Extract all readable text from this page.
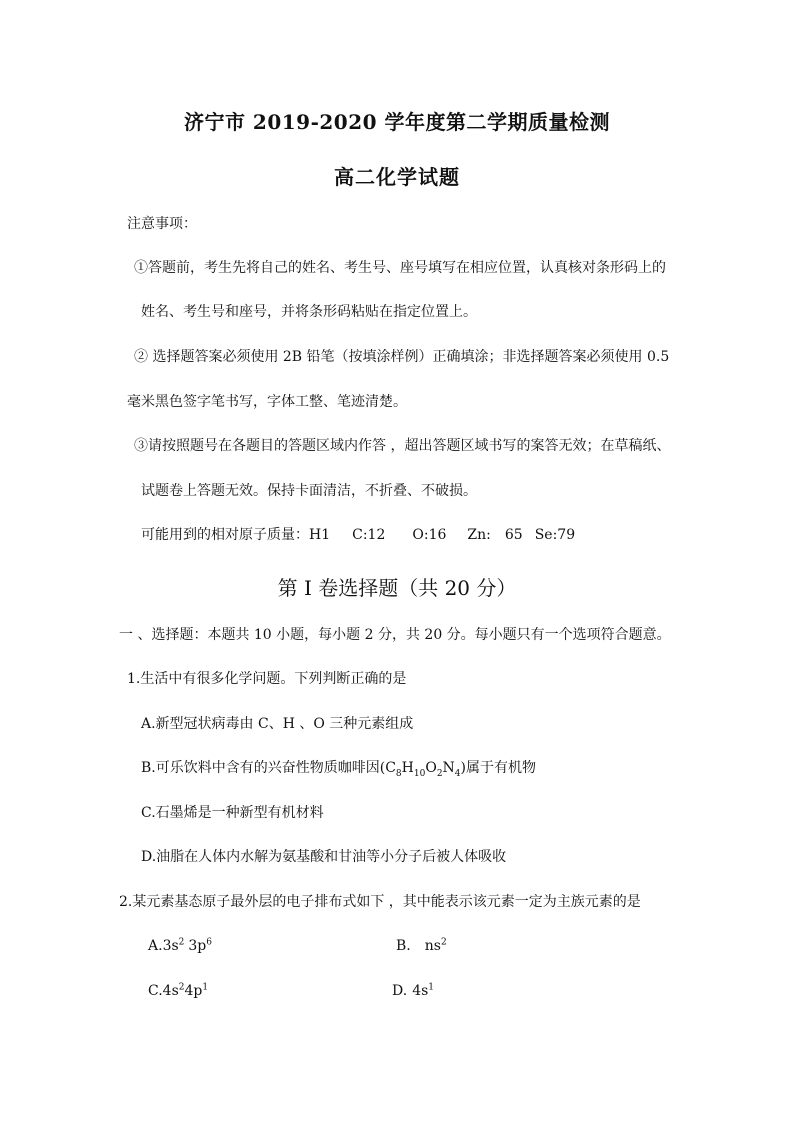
济宁市 2019-2020 学年度第二学期质量检测
高二化学试题
注意事项：
①答题前，考生先将自己的姓名、考生号、座号填写在相应位置，认真核对条形码上的
姓名、考生号和座号，并将条形码粘贴在指定位置上。
② 选择题答案必须使用 2B 铅笔（按填涂样例）正确填涂；非选择题答案必须使用 0.5
毫米黑色签字笔书写，字体工整、笔迹清楚。
③请按照题号在各题目的答题区域内作答 ，超出答题区域书写的案答无效；在草稿纸、
试题卷上答题无效。保持卡面清洁，不折叠、不破损。
可能用到的相对原子质量：H1 C:12 O:16 Zn: 65 Se:79
第 I 卷选择题（共 20 分）
一 、选择题：本题共 10 小题，每小题 2 分，共 20 分。每小题只有一个选项符合题意。
1.生活中有很多化学问题。下列判断正确的是
A.新型冠状病毒由 C、H 、O 三种元素组成
B.可乐饮料中含有的兴奋性物质咖啡因$(C_8H_{10}O_2N_4)$属于有机物
C.石墨烯是一种新型有机材料
D.油脂在人体内水解为氨基酸和甘油等小分子后被人体吸收
2.某元素基态原子最外层的电子排布式如下 ，其中能表示该元素一定为主族元素的是
$A.3s^2$ $3p^6$	B. $ns^2$
$C.4s^24p^1$	D. $4s^1$
